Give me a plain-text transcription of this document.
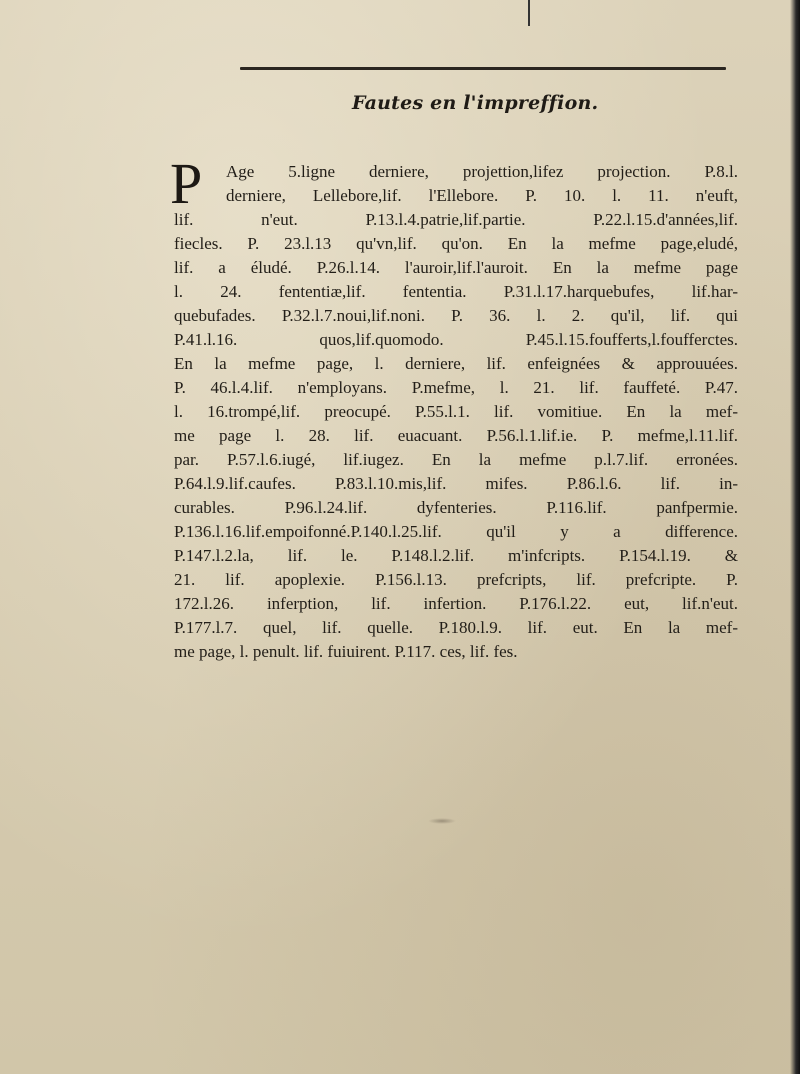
Fautes en l'impreffion.
P Age 5.ligne derniere, projettion,lifez projection. P.8.l.
derniere, Lellebore,lif. l'Ellebore. P. 10. l. 11. n'euft,
lif. n'eut. P.13.l.4.patrie,lif.partie. P.22.l.15.d'années,lif.
fiecles. P. 23.l.13 qu'vn,lif. qu'on. En la mefme page,eludé,
lif. a éludé. P.26.l.14. l'auroir,lif.l'auroit. En la mefme page
l. 24. fententiæ,lif. fententia. P.31.l.17.harquebufes, lif.har-
quebufades. P.32.l.7.noui,lif.noni. P. 36. l. 2. qu'il, lif. qui
P.41.l.16. quos,lif.quomodo. P.45.l.15.foufferts,l.foufferctes.
En la mefme page, l. derniere, lif. enfeignées & approuuées.
P. 46.l.4.lif. n'employans. P.mefme, l. 21. lif. fauffeté. P.47.
l. 16.trompé,lif. preocupé. P.55.l.1. lif. vomitiue. En la mef-
me page l. 28. lif. euacuant. P.56.l.1.lif.ie. P. mefme,l.11.lif.
par. P.57.l.6.iugé, lif.iugez. En la mefme p.l.7.lif. erronées.
P.64.l.9.lif.caufes. P.83.l.10.mis,lif. mifes. P.86.l.6. lif. in-
curables. P.96.l.24.lif. dyfenteries. P.116.lif. panfpermie.
P.136.l.16.lif.empoifonné.P.140.l.25.lif. qu'il y a difference.
P.147.l.2.la, lif. le. P.148.l.2.lif. m'infcripts. P.154.l.19. &
21. lif. apoplexie. P.156.l.13. prefcripts, lif. prefcripte. P.
172.l.26. inferption, lif. infertion. P.176.l.22. eut, lif.n'eut.
P.177.l.7. quel, lif. quelle. P.180.l.9. lif. eut. En la mef-
me page, l. penult. lif. fuiuirent. P.117. ces, lif. fes.
